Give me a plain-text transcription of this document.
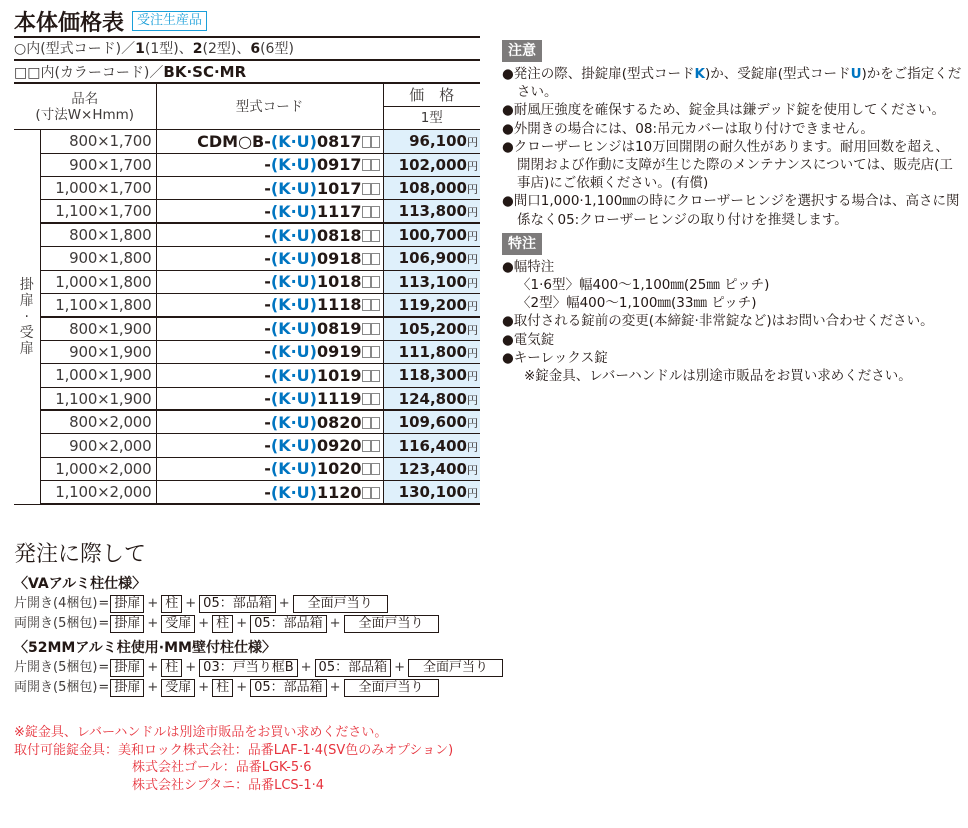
本体価格表	受注生産品
○内(型式コード)／1(1型)、2(2型)、6(6型)
□□内(カラーコード)／BK·SC·MR
品名
(寸法W×Hmm)		型式コード	価　格
			1型

掛
扉
·
受
扉	800×1,700	CDM○B-(K·U)0817	96,100円
	900×1,700	-(K·U)0917	102,000円
	1,000×1,700	-(K·U)1017	108,000円
	1,100×1,700	-(K·U)1117	113,800円
	800×1,800	-(K·U)0818	100,700円
	900×1,800	-(K·U)0918	106,900円
	1,000×1,800	-(K·U)1018	113,100円
	1,100×1,800	-(K·U)1118	119,200円
	800×1,900	-(K·U)0819	105,200円
	900×1,900	-(K·U)0919	111,800円
	1,000×1,900	-(K·U)1019	118,300円
	1,100×1,900	-(K·U)1119	124,800円
	800×2,000	-(K·U)0820	109,600円
	900×2,000	-(K·U)0920	116,400円
	1,000×2,000	-(K·U)1020	123,400円
	1,100×2,000	-(K·U)1120	130,100円
注意
●発注の際、掛錠扉(型式コードK)か、受錠扉(型式コードU)かをご指定ください。
●耐風圧強度を確保するため、錠金具は鎌デッド錠を使用してください。
●外開きの場合には、08:吊元カバーは取り付けできません。
●クローザーヒンジは10万回開閉の耐久性があります。耐用回数を超え、開閉および作動に支障が生じた際のメンテナンスについては、販売店(工事店)にご依頼ください。(有償)
●間口1,000·1,100㎜の時にクローザーヒンジを選択する場合は、高さに関係なく05:クローザーヒンジの取り付けを推奨します。
特注
●幅特注
〈1·6型〉幅400～1,100㎜(25㎜ ピッチ)
〈2型〉幅400～1,100㎜(33㎜ ピッチ)
●取付される錠前の変更(本締錠·非常錠など)はお問い合わせください。
●電気錠
●キーレックス錠
※錠金具、レバーハンドルは別途市販品をお買い求めください。
発注に際して
〈VAアルミ柱仕様〉
片開き(4梱包) = 掛扉 + 柱 + 05：部品箱 +	全面戸当り
両開き(5梱包) = 掛扉 + 受扉 + 柱 + 05：部品箱 +	全面戸当り
〈52MMアルミ柱使用·MM壁付柱仕様〉
片開き(5梱包) = 掛扉 + 柱 + 03：戸当り框B + 05：部品箱 +	全面戸当り
両開き(5梱包) = 掛扉 + 受扉 + 柱 + 05：部品箱 +	全面戸当り
※錠金具、レバーハンドルは別途市販品をお買い求めください。
取付可能錠金具：美和ロック株式会社：品番LAF-1·4(SV色のみオプション)
株式会社ゴール：品番LGK-5·6
株式会社シブタニ：品番LCS-1·4
